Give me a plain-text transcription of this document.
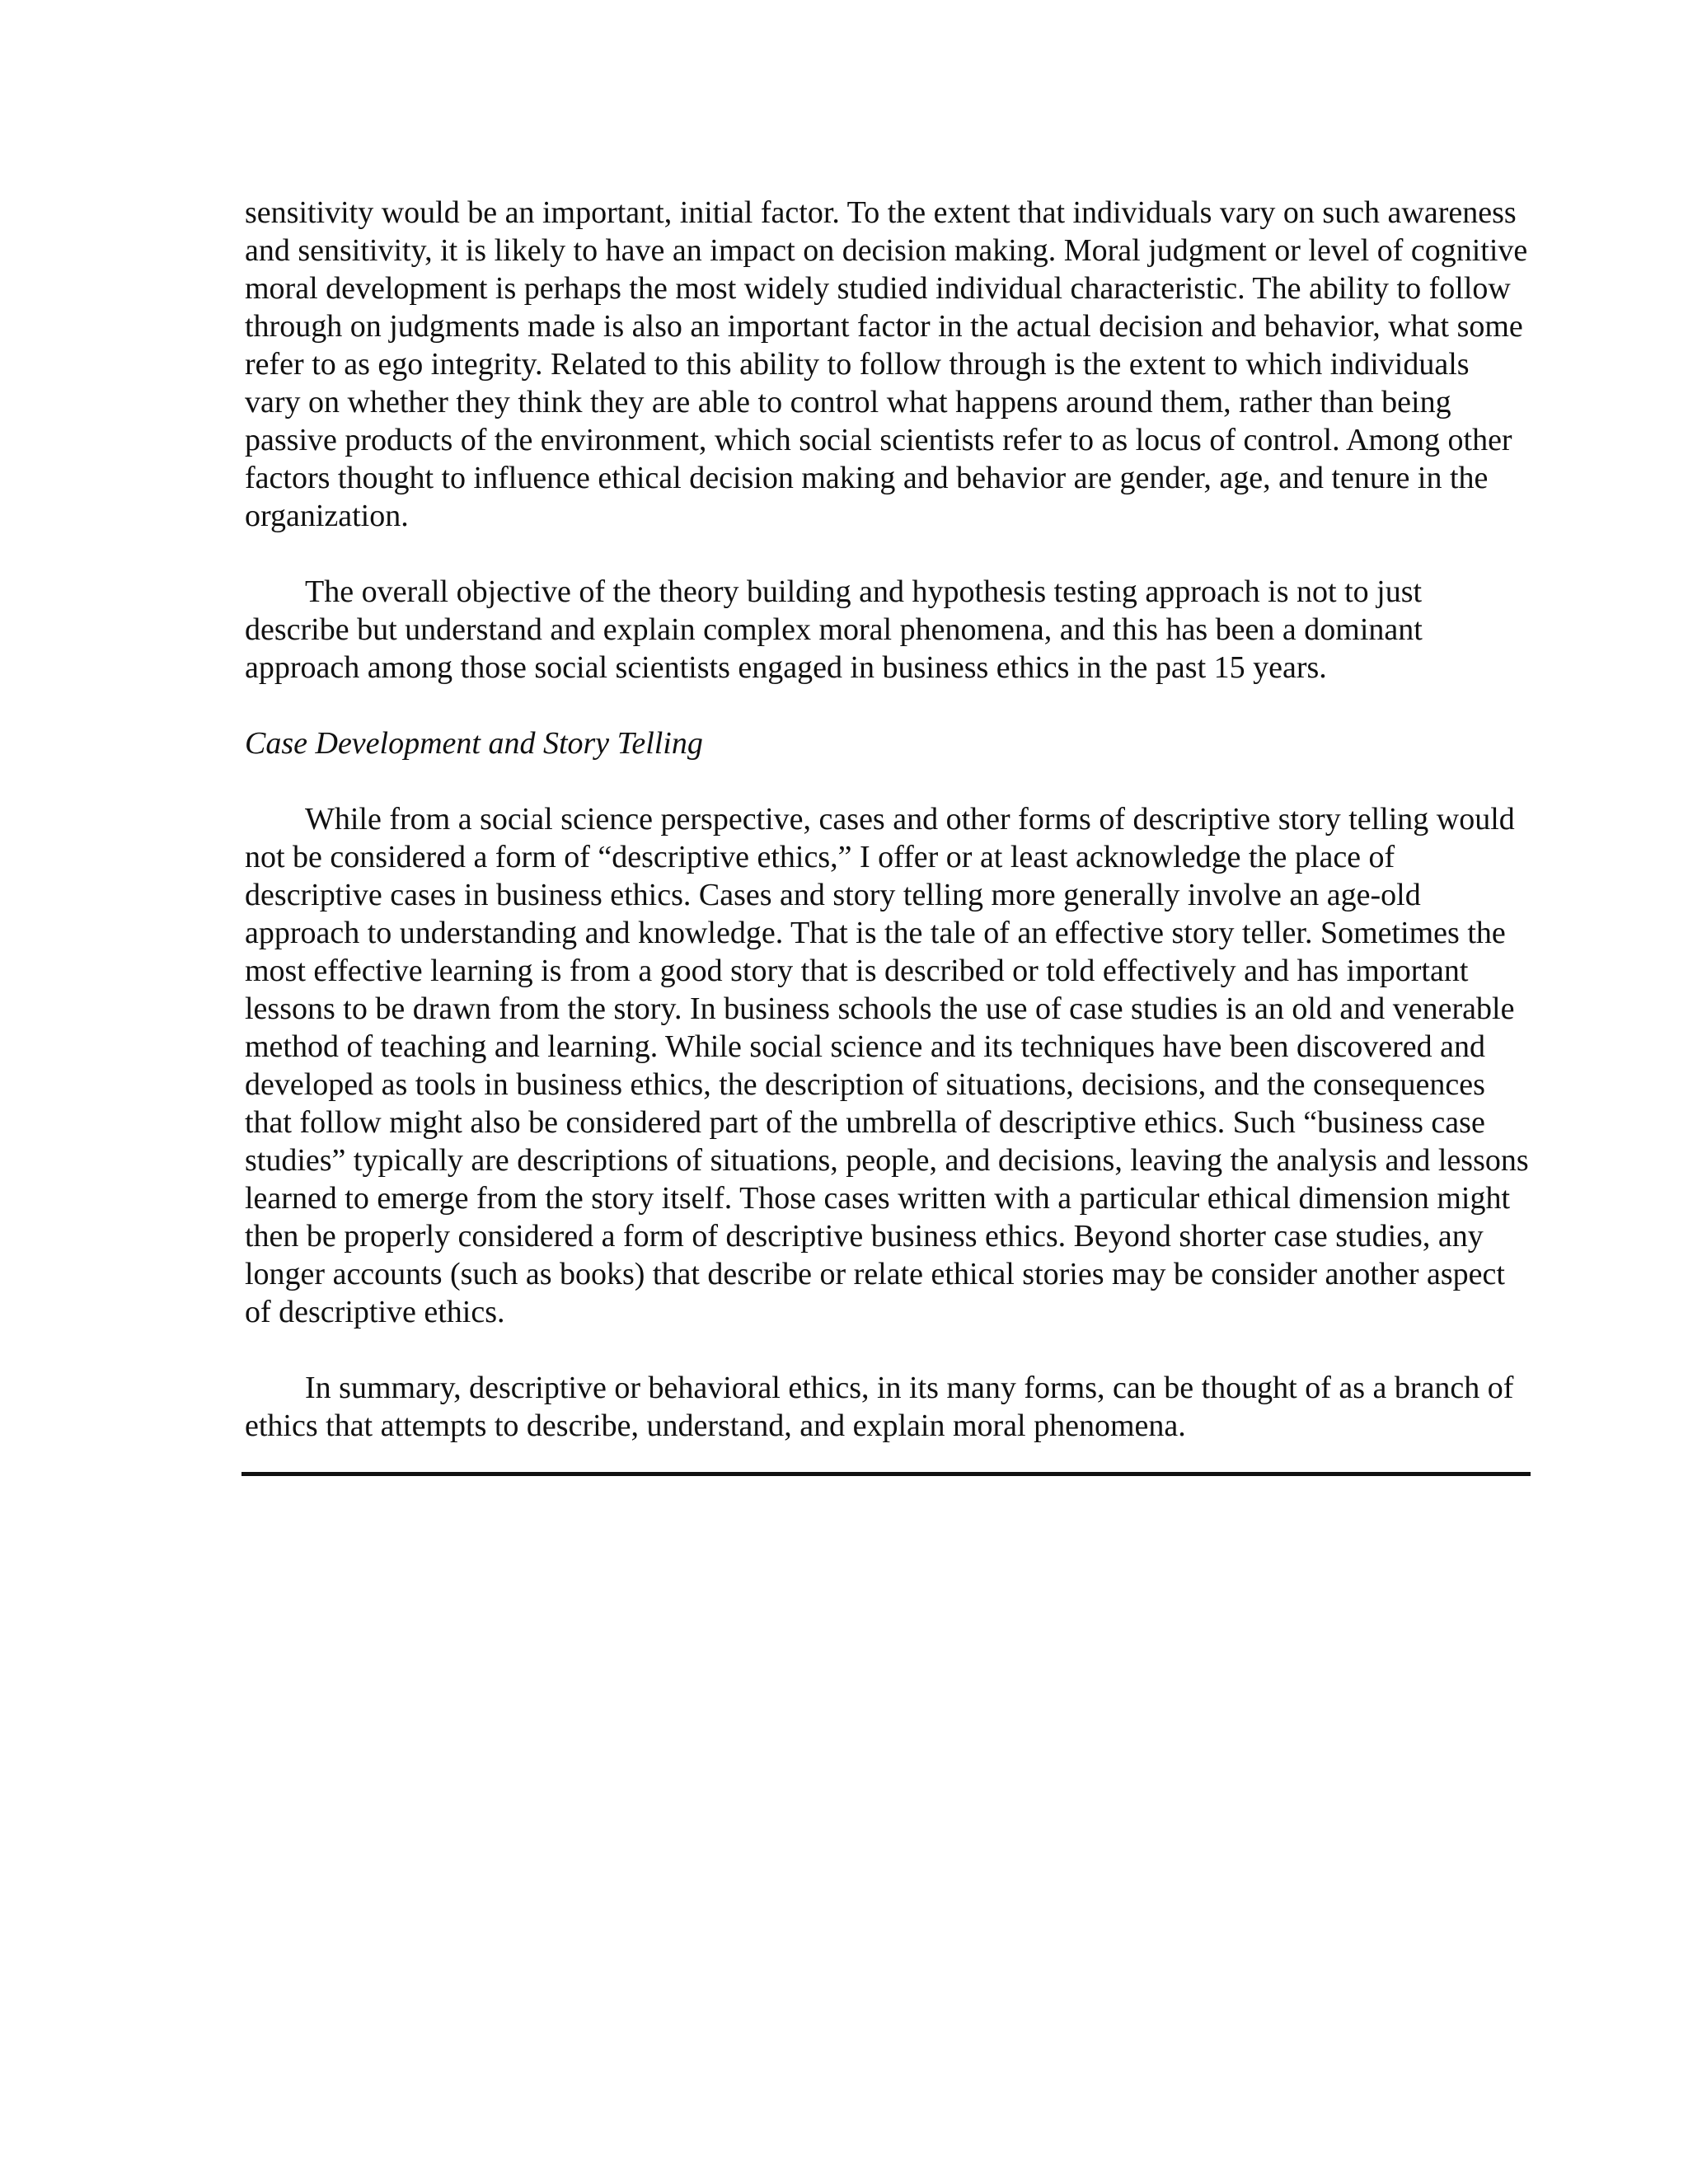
sensitivity would be an important, initial factor. To the extent that individuals vary on such awareness and sensitivity, it is likely to have an impact on decision making. Moral judgment or level of cognitive moral development is perhaps the most widely studied individual characteristic. The ability to follow through on judgments made is also an important factor in the actual decision and behavior, what some refer to as ego integrity. Related to this ability to follow through is the extent to which individuals vary on whether they think they are able to control what happens around them, rather than being passive products of the environment, which social scientists refer to as locus of control. Among other factors thought to influence ethical decision making and behavior are gender, age, and tenure in the organization.

The overall objective of the theory building and hypothesis testing approach is not to just describe but understand and explain complex moral phenomena, and this has been a dominant approach among those social scientists engaged in business ethics in the past 15 years.

Case Development and Story Telling

While from a social science perspective, cases and other forms of descriptive story telling would not be considered a form of “descriptive ethics,” I offer or at least acknowledge the place of descriptive cases in business ethics. Cases and story telling more generally involve an age-old approach to understanding and knowledge. That is the tale of an effective story teller. Sometimes the most effective learning is from a good story that is described or told effectively and has important lessons to be drawn from the story. In business schools the use of case studies is an old and venerable method of teaching and learning. While social science and its techniques have been discovered and developed as tools in business ethics, the description of situations, decisions, and the consequences that follow might also be considered part of the umbrella of descriptive ethics. Such “business case studies” typically are descriptions of situations, people, and decisions, leaving the analysis and lessons learned to emerge from the story itself. Those cases written with a particular ethical dimension might then be properly considered a form of descriptive business ethics. Beyond shorter case studies, any longer accounts (such as books) that describe or relate ethical stories may be consider another aspect of descriptive ethics.

In summary, descriptive or behavioral ethics, in its many forms, can be thought of as a branch of ethics that attempts to describe, understand, and explain moral phenomena.
